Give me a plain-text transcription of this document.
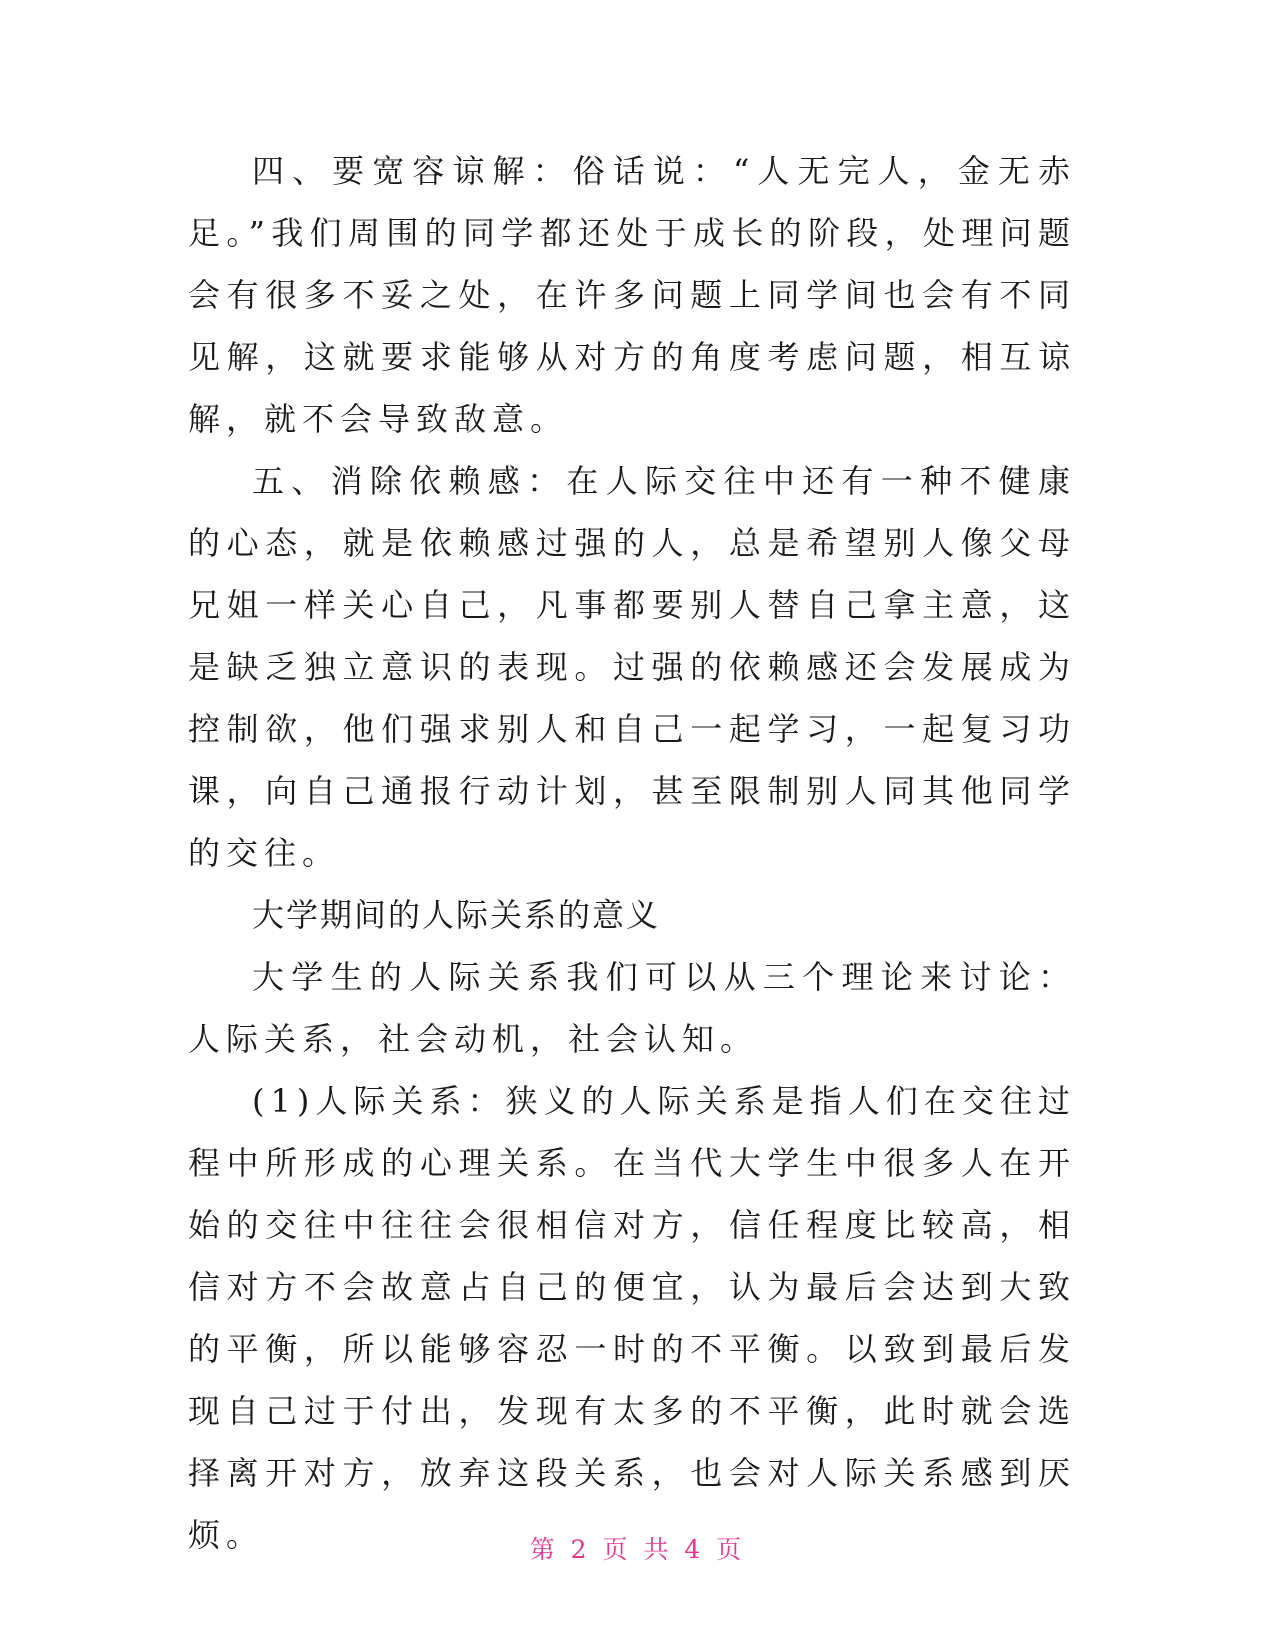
四、要宽容谅解：俗话说：“人无完人，金无赤足。”我们周围的同学都还处于成长的阶段，处理问题会有很多不妥之处，在许多问题上同学间也会有不同见解，这就要求能够从对方的角度考虑问题，相互谅解，就不会导致敌意。

五、消除依赖感：在人际交往中还有一种不健康的心态，就是依赖感过强的人，总是希望别人像父母兄姐一样关心自己，凡事都要别人替自己拿主意，这是缺乏独立意识的表现。过强的依赖感还会发展成为控制欲，他们强求别人和自己一起学习，一起复习功课，向自己通报行动计划，甚至限制别人同其他同学的交往。

大学期间的人际关系的意义

大学生的人际关系我们可以从三个理论来讨论：人际关系，社会动机，社会认知。

(1)人际关系：狭义的人际关系是指人们在交往过程中所形成的心理关系。在当代大学生中很多人在开始的交往中往往会很相信对方，信任程度比较高，相信对方不会故意占自己的便宜，认为最后会达到大致的平衡，所以能够容忍一时的不平衡。以致到最后发现自己过于付出，发现有太多的不平衡，此时就会选择离开对方，放弃这段关系，也会对人际关系感到厌烦。	第 2 页 共 4 页
